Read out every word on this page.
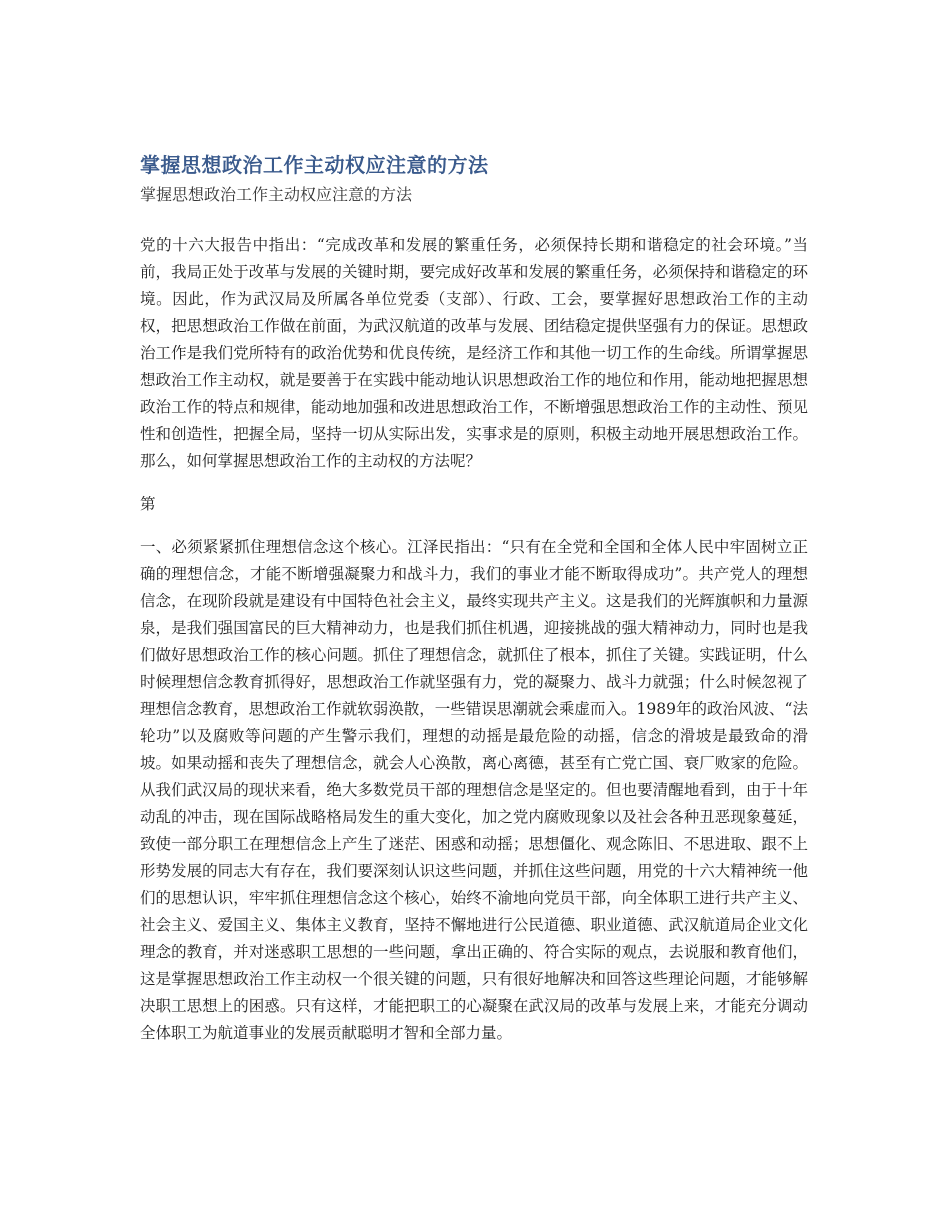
掌握思想政治工作主动权应注意的方法
掌握思想政治工作主动权应注意的方法

党的十六大报告中指出：“完成改革和发展的繁重任务，必须保持长期和谐稳定的社会环境。”当前，我局正处于改革与发展的关键时期，要完成好改革和发展的繁重任务，必须保持和谐稳定的环境。因此，作为武汉局及所属各单位党委（支部）、行政、工会，要掌握好思想政治工作的主动权，把思想政治工作做在前面，为武汉航道的改革与发展、团结稳定提供坚强有力的保证。思想政治工作是我们党所特有的政治优势和优良传统，是经济工作和其他一切工作的生命线。所谓掌握思想政治工作主动权，就是要善于在实践中能动地认识思想政治工作的地位和作用，能动地把握思想政治工作的特点和规律，能动地加强和改进思想政治工作，不断增强思想政治工作的主动性、预见性和创造性，把握全局，坚持一切从实际出发，实事求是的原则，积极主动地开展思想政治工作。那么，如何掌握思想政治工作的主动权的方法呢？

第

一、必须紧紧抓住理想信念这个核心。江泽民指出：“只有在全党和全国和全体人民中牢固树立正确的理想信念，才能不断增强凝聚力和战斗力，我们的事业才能不断取得成功”。共产党人的理想信念，在现阶段就是建设有中国特色社会主义，最终实现共产主义。这是我们的光辉旗帜和力量源泉，是我们强国富民的巨大精神动力，也是我们抓住机遇，迎接挑战的强大精神动力，同时也是我们做好思想政治工作的核心问题。抓住了理想信念，就抓住了根本，抓住了关键。实践证明，什么时候理想信念教育抓得好，思想政治工作就坚强有力，党的凝聚力、战斗力就强；什么时候忽视了理想信念教育，思想政治工作就软弱涣散，一些错误思潮就会乘虚而入。1989年的政治风波、“法轮功”以及腐败等问题的产生警示我们，理想的动摇是最危险的动摇，信念的滑坡是最致命的滑坡。如果动摇和丧失了理想信念，就会人心涣散，离心离德，甚至有亡党亡国、衰厂败家的危险。从我们武汉局的现状来看，绝大多数党员干部的理想信念是坚定的。但也要清醒地看到，由于十年动乱的冲击，现在国际战略格局发生的重大变化，加之党内腐败现象以及社会各种丑恶现象蔓延，致使一部分职工在理想信念上产生了迷茫、困惑和动摇；思想僵化、观念陈旧、不思进取、跟不上形势发展的同志大有存在，我们要深刻认识这些问题，并抓住这些问题，用党的十六大精神统一他们的思想认识，牢牢抓住理想信念这个核心，始终不渝地向党员干部，向全体职工进行共产主义、社会主义、爱国主义、集体主义教育，坚持不懈地进行公民道德、职业道德、武汉航道局企业文化理念的教育，并对迷惑职工思想的一些问题，拿出正确的、符合实际的观点，去说服和教育他们，这是掌握思想政治工作主动权一个很关键的问题，只有很好地解决和回答这些理论问题，才能够解决职工思想上的困惑。只有这样，才能把职工的心凝聚在武汉局的改革与发展上来，才能充分调动全体职工为航道事业的发展贡献聪明才智和全部力量。
